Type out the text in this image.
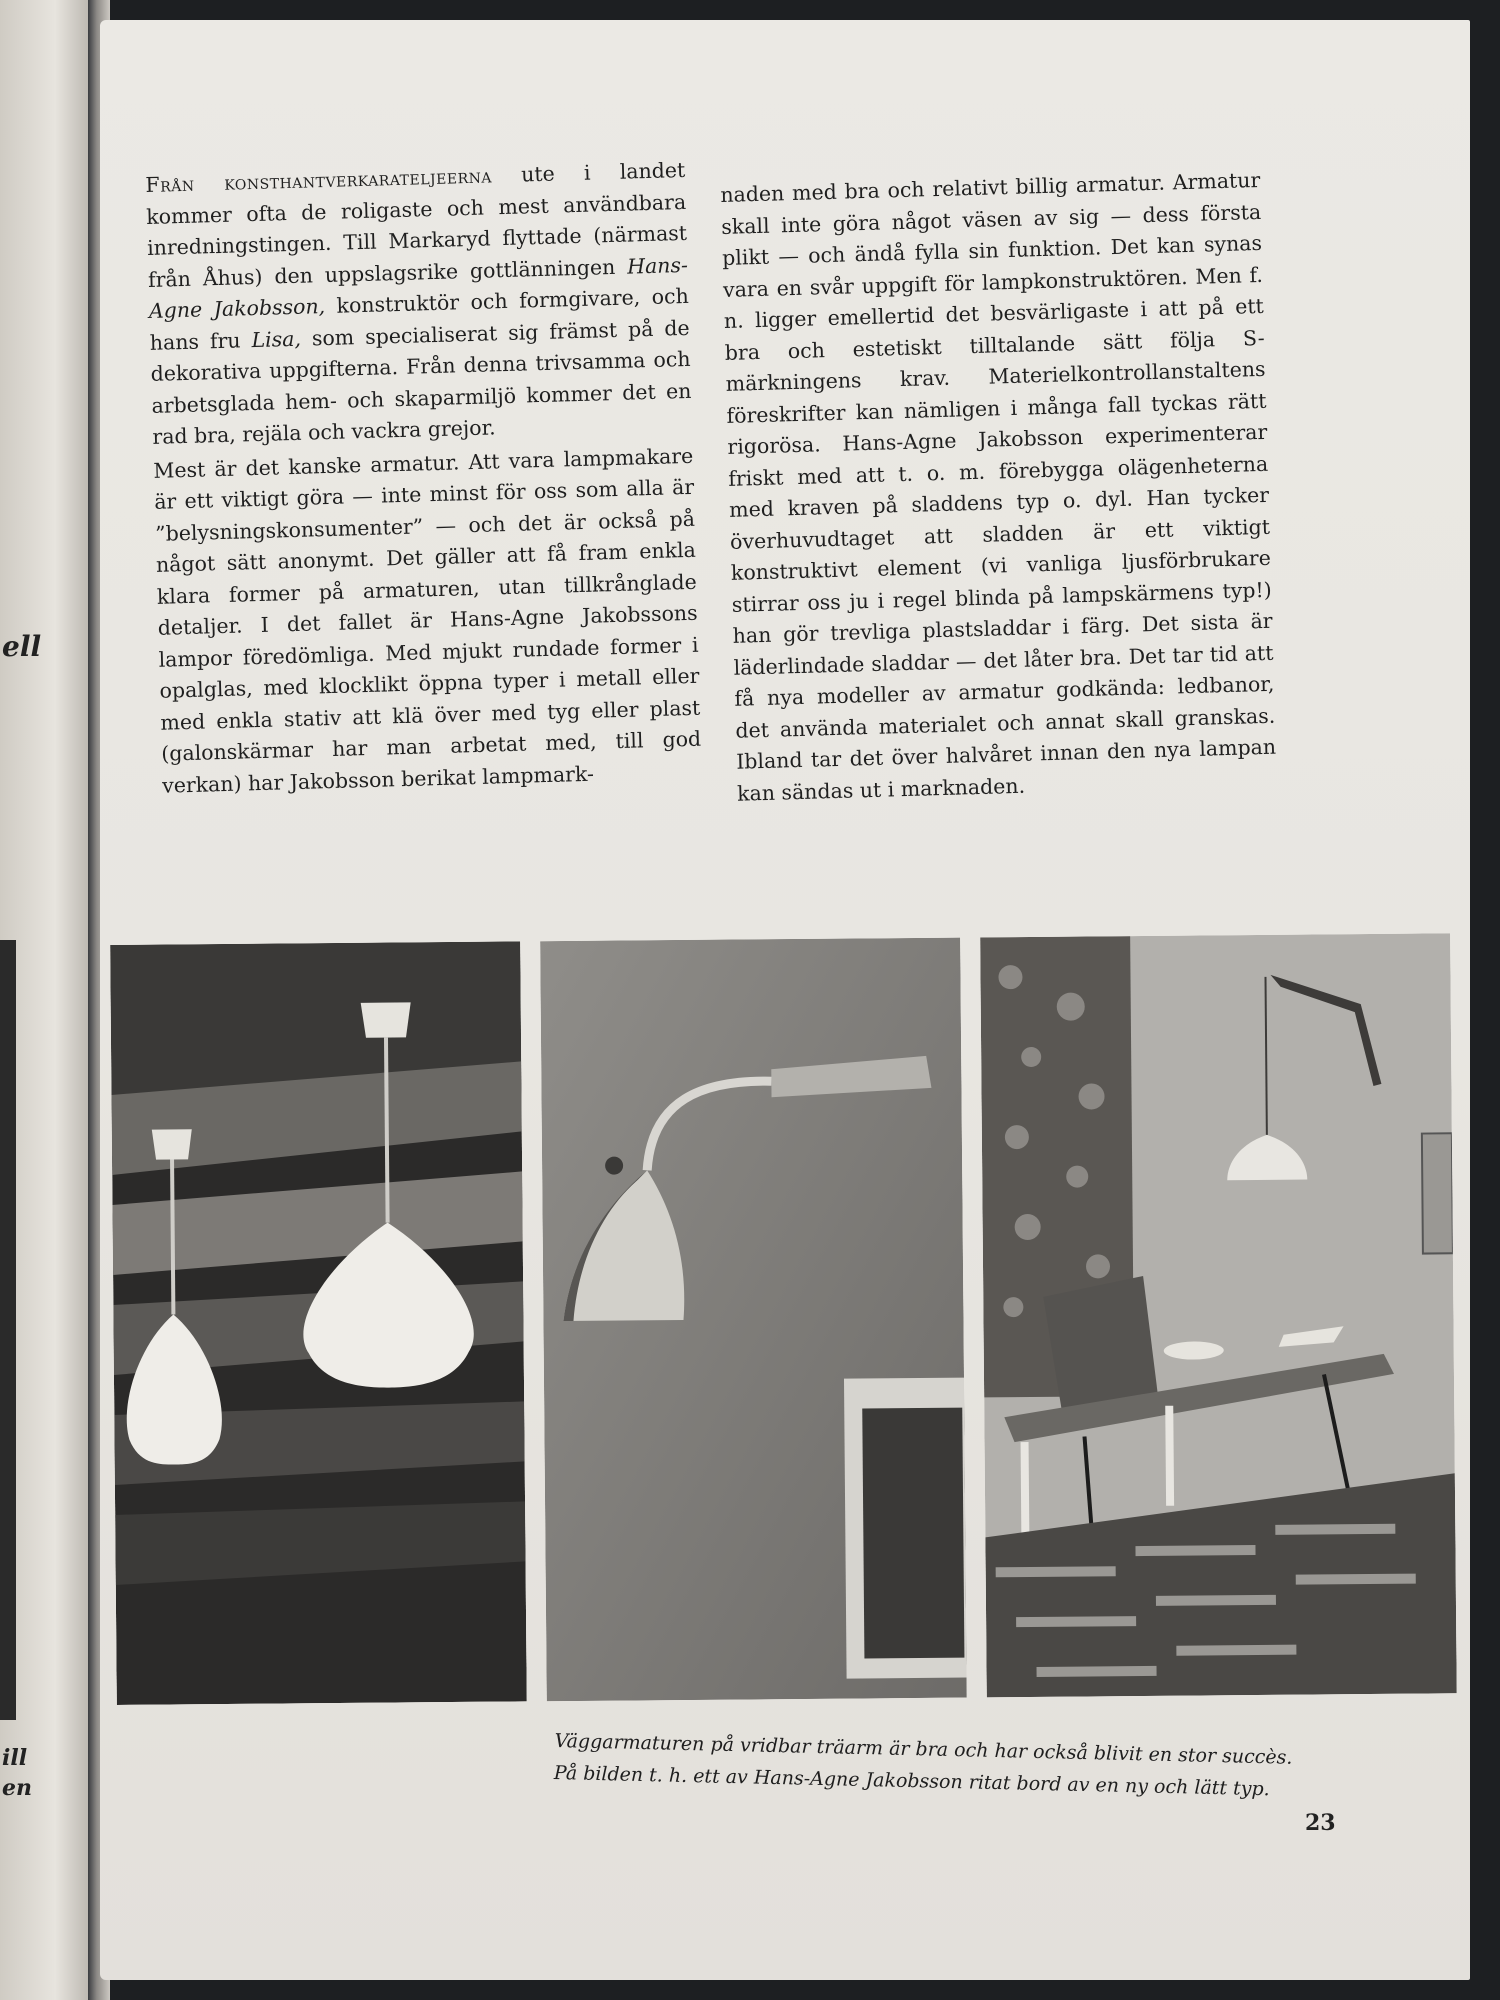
ell
ill
en

Från konsthantverkarateljeerna ute i landet kommer ofta de roligaste och mest användbara inredningstingen. Till Markaryd flyttade (närmast från Åhus) den uppslagsrike gottlänningen Hans-Agne Jakobsson, konstruktör och formgivare, och hans fru Lisa, som specialiserat sig främst på de dekorativa uppgifterna. Från denna trivsamma och arbetsglada hem- och skaparmiljö kommer det en rad bra, rejäla och vackra grejor.

Mest är det kanske armatur. Att vara lampmakare är ett viktigt göra — inte minst för oss som alla är ”belysningskonsumenter” — och det är också på något sätt anonymt. Det gäller att få fram enkla klara former på armaturen, utan tillkrånglade detaljer. I det fallet är Hans-Agne Jakobssons lampor föredömliga. Med mjukt rundade former i opalglas, med klocklikt öppna typer i metall eller med enkla stativ att klä över med tyg eller plast (galonskärmar har man arbetat med, till god verkan) har Jakobsson berikat lampmark-

naden med bra och relativt billig armatur. Armatur skall inte göra något väsen av sig — dess första plikt — och ändå fylla sin funktion. Det kan synas vara en svår uppgift för lampkonstruktören. Men f. n. ligger emellertid det besvärligaste i att på ett bra och estetiskt tilltalande sätt följa S-märkningens krav. Materielkontrollanstaltens föreskrifter kan nämligen i många fall tyckas rätt rigorösa. Hans-Agne Jakobsson experimenterar friskt med att t. o. m. förebygga olägenheterna med kraven på sladdens typ o. dyl. Han tycker överhuvudtaget att sladden är ett viktigt konstruktivt element (vi vanliga ljusförbrukare stirrar oss ju i regel blinda på lampskärmens typ!) han gör trevliga plastsladdar i färg. Det sista är läderlindade sladdar — det låter bra. Det tar tid att få nya modeller av armatur godkända: ledbanor, det använda materialet och annat skall granskas. Ibland tar det över halvåret innan den nya lampan kan sändas ut i marknaden.

Väggarmaturen på vridbar träarm är bra och har också blivit en stor succès.

På bilden t. h. ett av Hans-Agne Jakobsson ritat bord av en ny och lätt typ.

23
